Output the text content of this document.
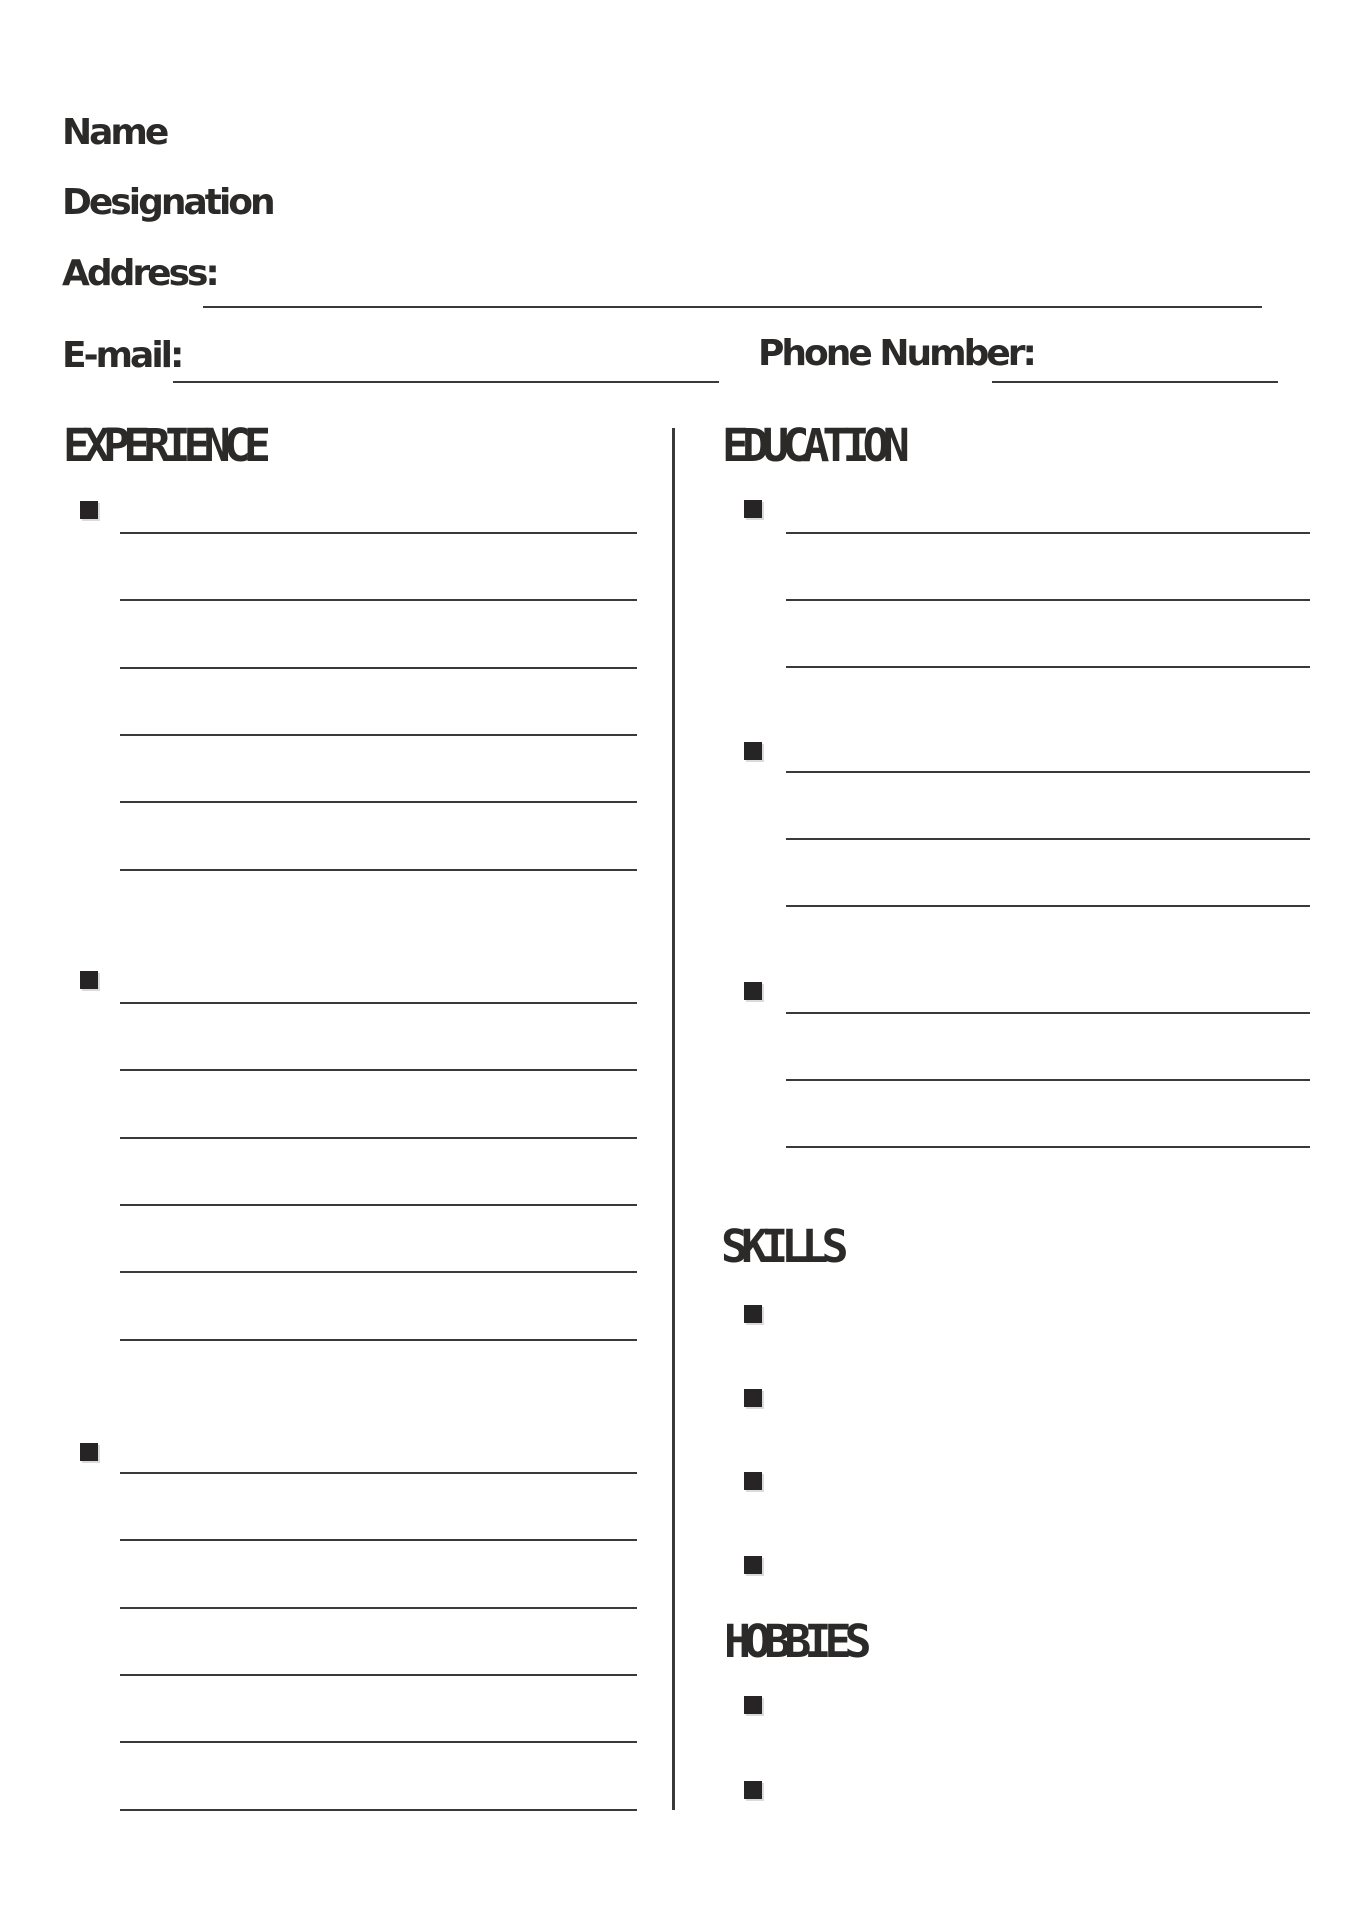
Name
Designation
Address:
E-mail:	Phone Number:
EXPERIENCE	EDUCATION
SKILLS
HOBBIES
